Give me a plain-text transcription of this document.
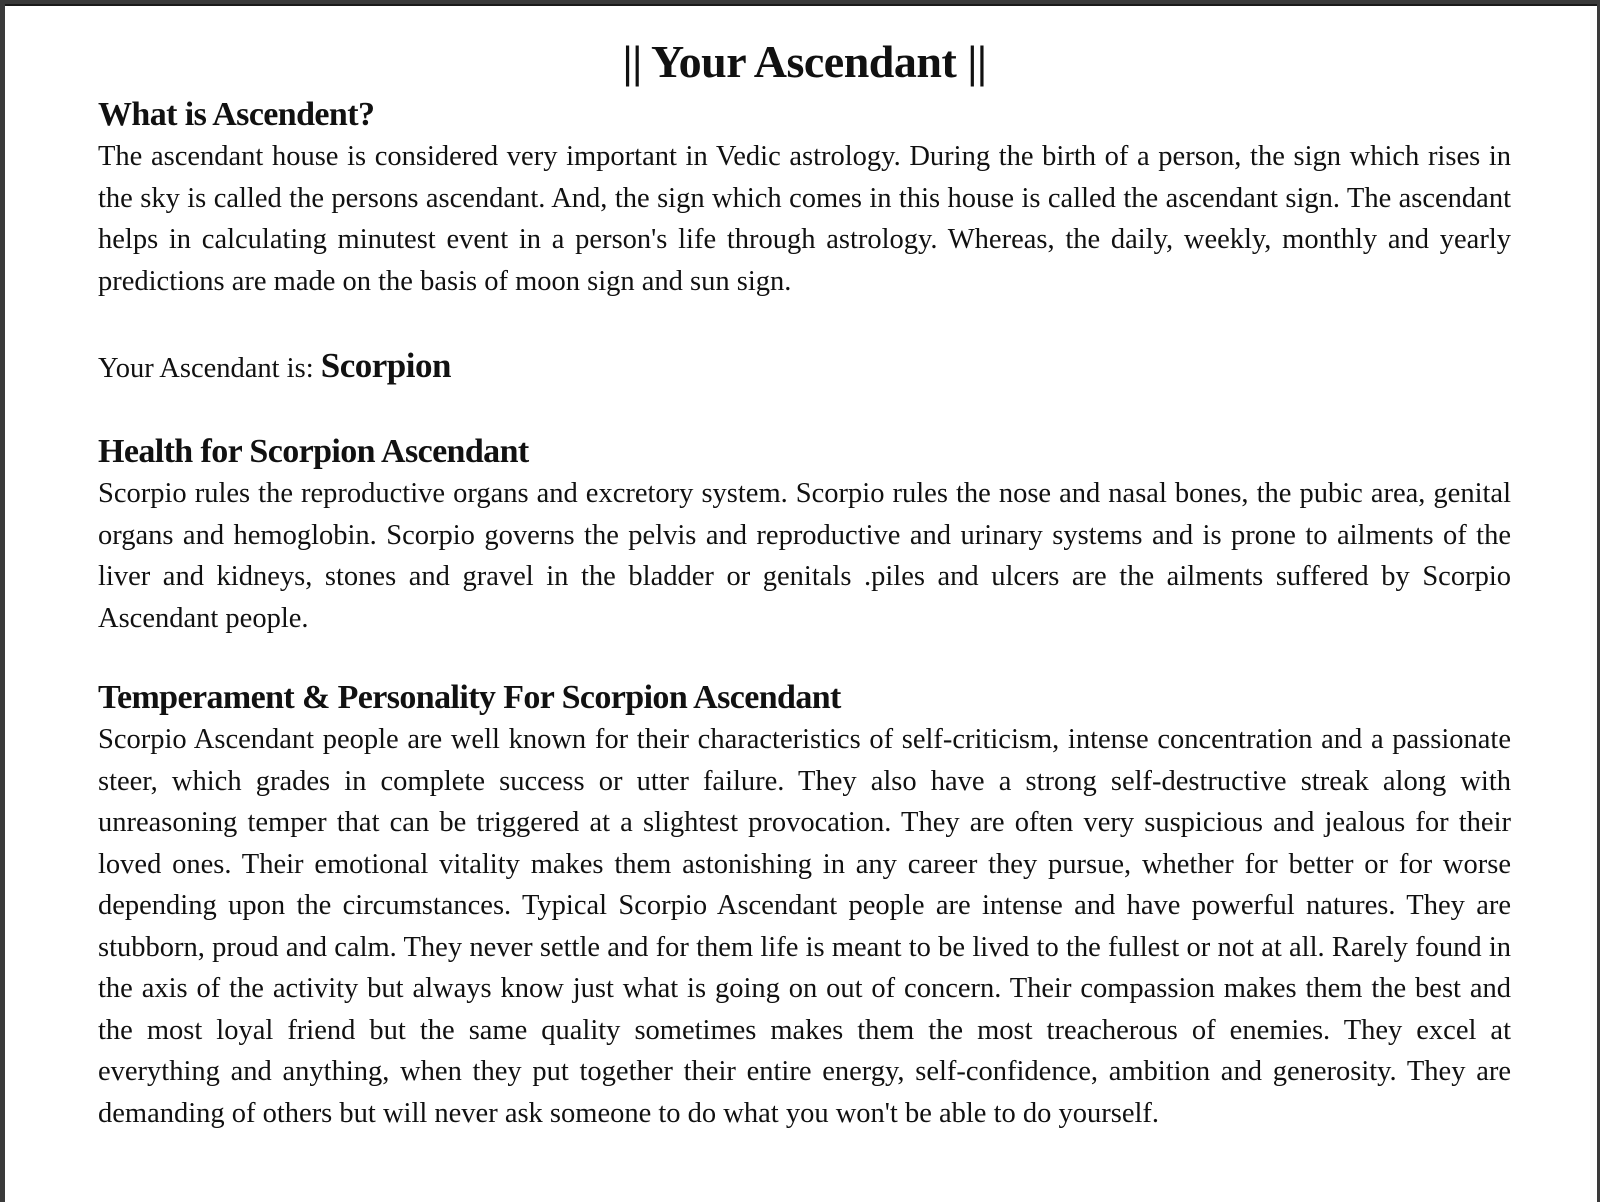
|| Your Ascendant ||
What is Ascendent?

The ascendant house is considered very important in Vedic astrology. During the birth of a person, the sign which rises in the sky is called the persons ascendant. And, the sign which comes in this house is called the ascendant sign. The ascendant helps in calculating minutest event in a person's life through astrology. Whereas, the daily, weekly, monthly and yearly predictions are made on the basis of moon sign and sun sign.

Your Ascendant is: Scorpion

Health for Scorpion Ascendant

Scorpio rules the reproductive organs and excretory system. Scorpio rules the nose and nasal bones, the pubic area, genital organs and hemoglobin. Scorpio governs the pelvis and reproductive and urinary systems and is prone to ailments of the liver and kidneys, stones and gravel in the bladder or genitals .piles and ulcers are the ailments suffered by Scorpio Ascendant people.

Temperament & Personality For Scorpion Ascendant

Scorpio Ascendant people are well known for their characteristics of self-criticism, intense concentration and a passionate steer, which grades in complete success or utter failure. They also have a strong self-destructive streak along with unreasoning temper that can be triggered at a slightest provocation. They are often very suspicious and jealous for their loved ones. Their emotional vitality makes them astonishing in any career they pursue, whether for better or for worse depending upon the circumstances. Typical Scorpio Ascendant people are intense and have powerful natures. They are stubborn, proud and calm. They never settle and for them life is meant to be lived to the fullest or not at all. Rarely found in the axis of the activity but always know just what is going on out of concern. Their compassion makes them the best and the most loyal friend but the same quality sometimes makes them the most treacherous of enemies. They excel at everything and anything, when they put together their entire energy, self-confidence, ambition and generosity. They are demanding of others but will never ask someone to do what you won't be able to do yourself.
